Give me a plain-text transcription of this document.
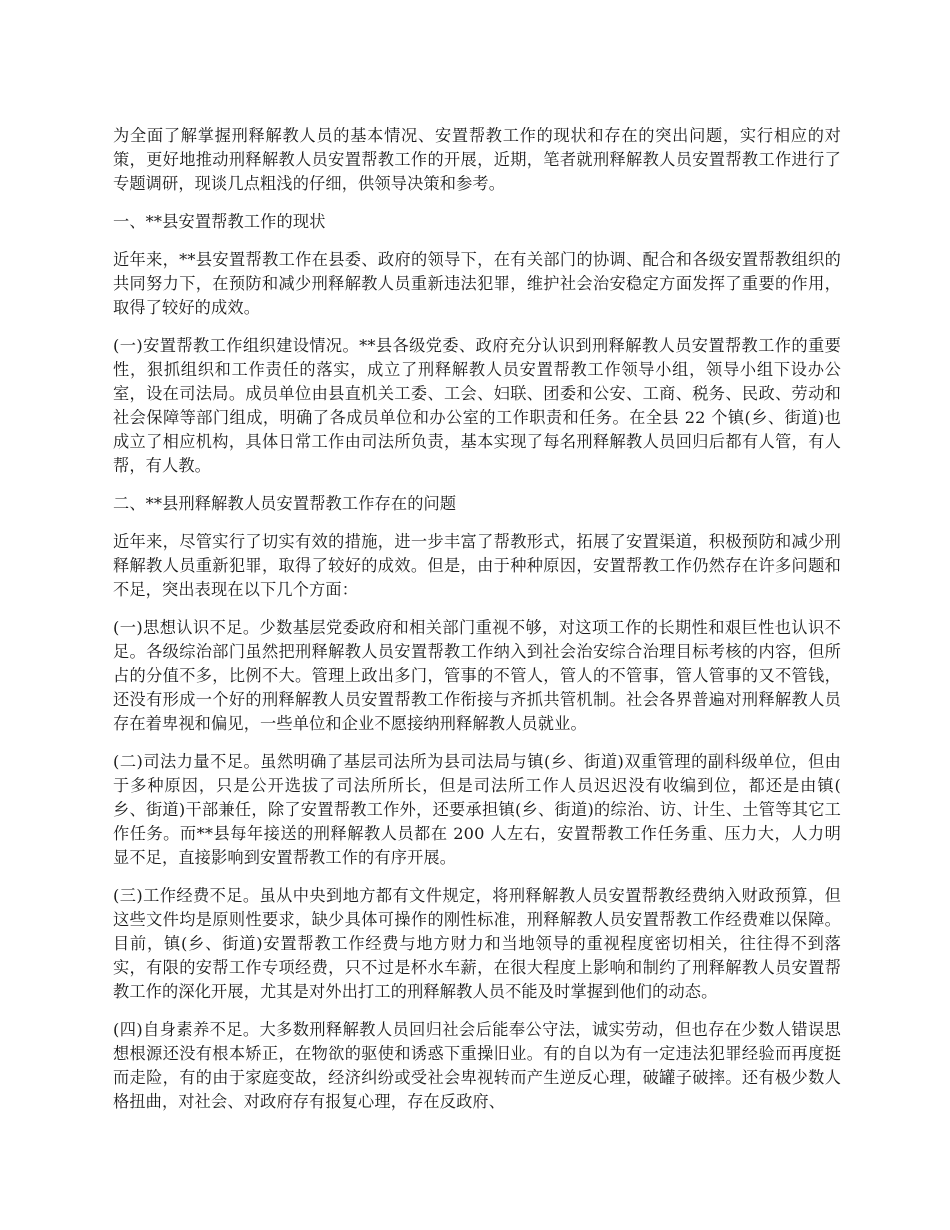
为全面了解掌握刑释解教人员的基本情况、安置帮教工作的现状和存在的突出问题，实行相应的对策，更好地推动刑释解教人员安置帮教工作的开展，近期，笔者就刑释解教人员安置帮教工作进行了专题调研，现谈几点粗浅的仔细，供领导决策和参考。

一、**县安置帮教工作的现状

近年来，**县安置帮教工作在县委、政府的领导下，在有关部门的协调、配合和各级安置帮教组织的共同努力下，在预防和减少刑释解教人员重新违法犯罪，维护社会治安稳定方面发挥了重要的作用，取得了较好的成效。

(一)安置帮教工作组织建设情况。**县各级党委、政府充分认识到刑释解教人员安置帮教工作的重要性，狠抓组织和工作责任的落实，成立了刑释解教人员安置帮教工作领导小组，领导小组下设办公室，设在司法局。成员单位由县直机关工委、工会、妇联、团委和公安、工商、税务、民政、劳动和社会保障等部门组成，明确了各成员单位和办公室的工作职责和任务。在全县 22 个镇(乡、街道)也成立了相应机构，具体日常工作由司法所负责，基本实现了每名刑释解教人员回归后都有人管，有人帮，有人教。

二、**县刑释解教人员安置帮教工作存在的问题

近年来，尽管实行了切实有效的措施，进一步丰富了帮教形式，拓展了安置渠道，积极预防和减少刑释解教人员重新犯罪，取得了较好的成效。但是，由于种种原因，安置帮教工作仍然存在许多问题和不足，突出表现在以下几个方面：

(一)思想认识不足。少数基层党委政府和相关部门重视不够，对这项工作的长期性和艰巨性也认识不足。各级综治部门虽然把刑释解教人员安置帮教工作纳入到社会治安综合治理目标考核的内容，但所占的分值不多，比例不大。管理上政出多门，管事的不管人，管人的不管事，管人管事的又不管钱，还没有形成一个好的刑释解教人员安置帮教工作衔接与齐抓共管机制。社会各界普遍对刑释解教人员存在着卑视和偏见，一些单位和企业不愿接纳刑释解教人员就业。

(二)司法力量不足。虽然明确了基层司法所为县司法局与镇(乡、街道)双重管理的副科级单位，但由于多种原因，只是公开选拔了司法所所长，但是司法所工作人员迟迟没有收编到位，都还是由镇( 乡、街道)干部兼任，除了安置帮教工作外，还要承担镇(乡、街道)的综治、访、计生、土管等其它工作任务。而**县每年接送的刑释解教人员都在 200 人左右，安置帮教工作任务重、压力大，人力明显不足，直接影响到安置帮教工作的有序开展。

(三)工作经费不足。虽从中央到地方都有文件规定，将刑释解教人员安置帮教经费纳入财政预算，但这些文件均是原则性要求，缺少具体可操作的刚性标准，刑释解教人员安置帮教工作经费难以保障。目前，镇(乡、街道)安置帮教工作经费与地方财力和当地领导的重视程度密切相关，往往得不到落实，有限的安帮工作专项经费，只不过是杯水车薪，在很大程度上影响和制约了刑释解教人员安置帮教工作的深化开展，尤其是对外出打工的刑释解教人员不能及时掌握到他们的动态。

(四)自身素养不足。大多数刑释解教人员回归社会后能奉公守法，诚实劳动，但也存在少数人错误思想根源还没有根本矫正，在物欲的驱使和诱惑下重操旧业。有的自以为有一定违法犯罪经验而再度挺而走险，有的由于家庭变故，经济纠纷或受社会卑视转而产生逆反心理，破罐子破摔。还有极少数人格扭曲，对社会、对政府存有报复心理，存在反政府、
